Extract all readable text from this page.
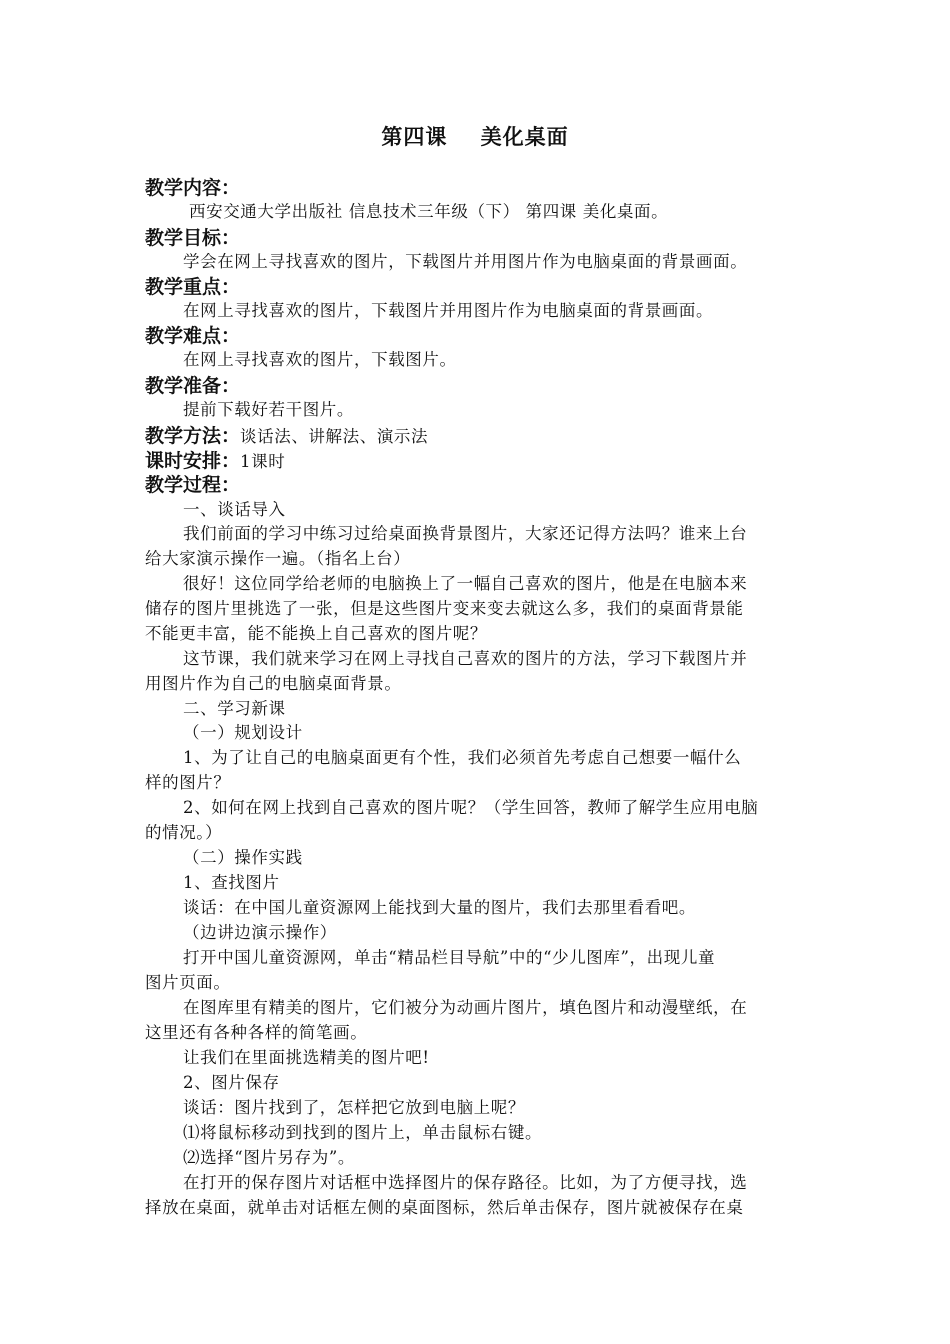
第四课    美化桌面
教学内容：
西安交通大学出版社 信息技术三年级（下） 第四课 美化桌面。
教学目标：
学会在网上寻找喜欢的图片，下载图片并用图片作为电脑桌面的背景画面。
教学重点：
在网上寻找喜欢的图片，下载图片并用图片作为电脑桌面的背景画面。
教学难点：
在网上寻找喜欢的图片，下载图片。
教学准备：
提前下载好若干图片。
教学方法：谈话法、讲解法、演示法
课时安排：1课时
教学过程：
一、谈话导入
我们前面的学习中练习过给桌面换背景图片，大家还记得方法吗？谁来上台
给大家演示操作一遍。（指名上台）
很好！这位同学给老师的电脑换上了一幅自己喜欢的图片，他是在电脑本来
储存的图片里挑选了一张，但是这些图片变来变去就这么多，我们的桌面背景能
不能更丰富，能不能换上自己喜欢的图片呢？
这节课，我们就来学习在网上寻找自己喜欢的图片的方法，学习下载图片并
用图片作为自己的电脑桌面背景。
二、学习新课
（一）规划设计
1、为了让自己的电脑桌面更有个性，我们必须首先考虑自己想要一幅什么
样的图片？
2、如何在网上找到自己喜欢的图片呢？（学生回答，教师了解学生应用电脑
的情况。）
（二）操作实践
1、查找图片
谈话：在中国儿童资源网上能找到大量的图片，我们去那里看看吧。
（边讲边演示操作）
打开中国儿童资源网，单击“精品栏目导航”中的“少儿图库”，出现儿童
图片页面。
在图库里有精美的图片，它们被分为动画片图片，填色图片和动漫壁纸，在
这里还有各种各样的简笔画。
让我们在里面挑选精美的图片吧!
2、图片保存
谈话：图片找到了，怎样把它放到电脑上呢？
⑴将鼠标移动到找到的图片上，单击鼠标右键。
⑵选择“图片另存为”。
在打开的保存图片对话框中选择图片的保存路径。比如，为了方便寻找，选
择放在桌面，就单击对话框左侧的桌面图标，然后单击保存，图片就被保存在桌
